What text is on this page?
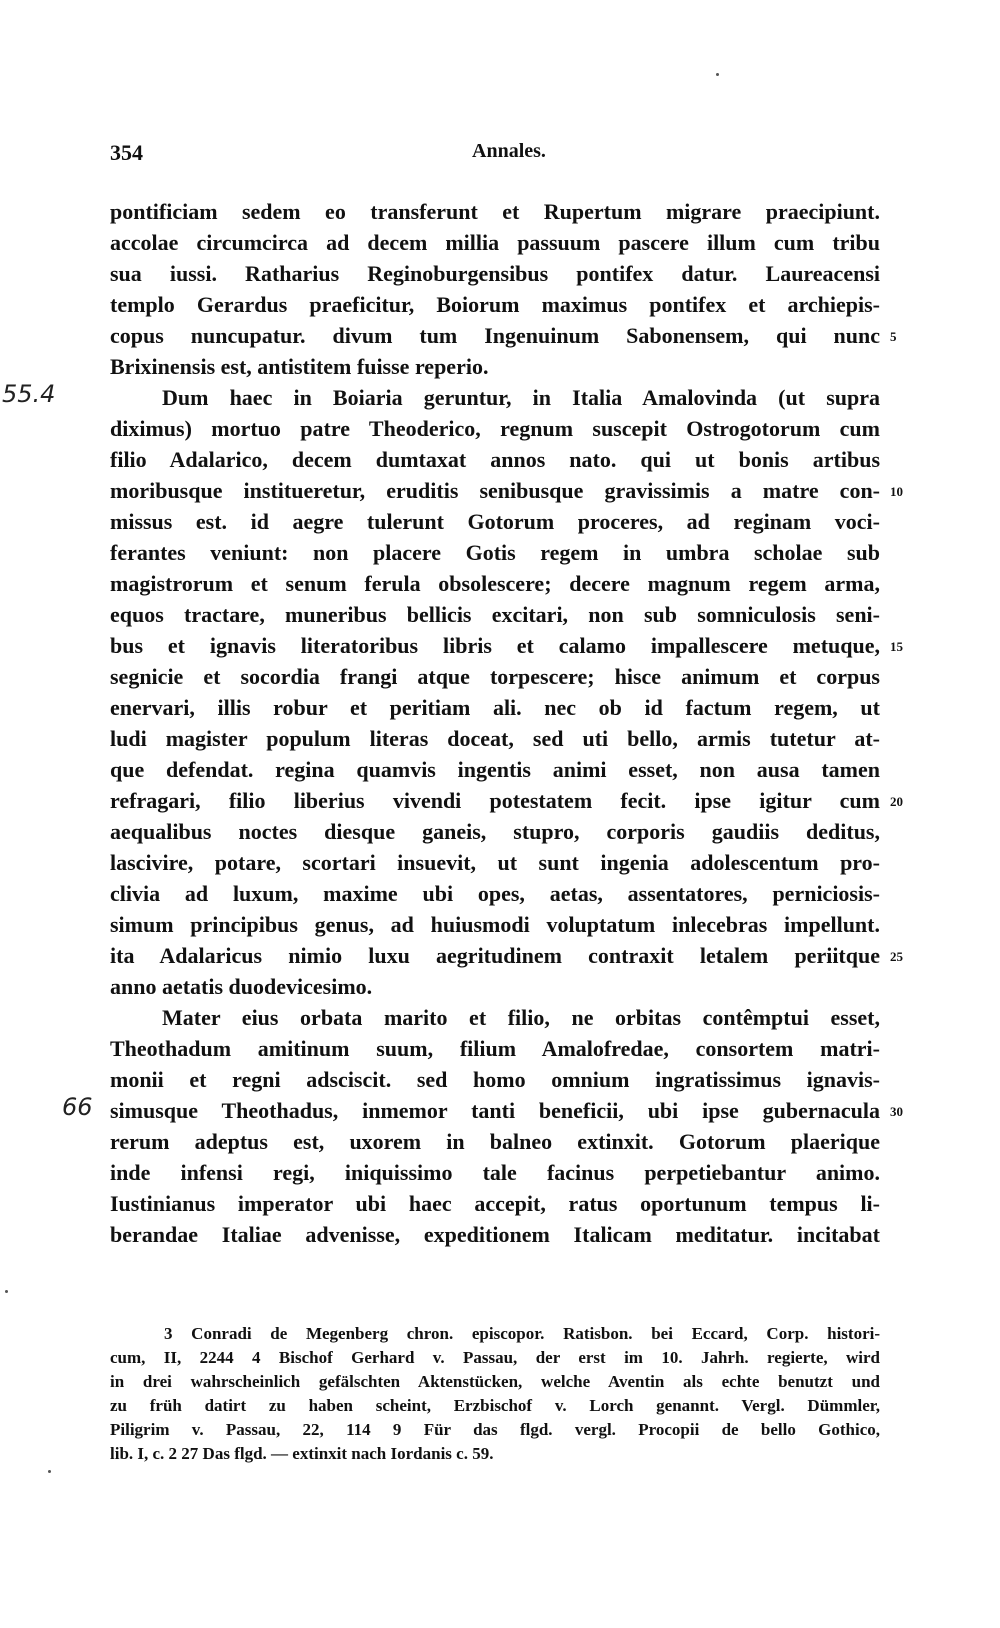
354	Annales.
pontificiam sedem eo transferunt et Rupertum migrare praecipiunt.
accolae circumcirca ad decem millia passuum pascere illum cum tribu
sua iussi. Ratharius Reginoburgensibus pontifex datur. Laureacensi
templo Gerardus praeficitur, Boiorum maximus pontifex et archiepis-
copus nuncupatur. divum tum Ingenuinum Sabonensem, qui nunc
Brixinensis est, antistitem fuisse reperio.
Dum haec in Boiaria geruntur, in Italia Amalovinda (ut supra
diximus) mortuo patre Theoderico, regnum suscepit Ostrogotorum cum
filio Adalarico, decem dumtaxat annos nato. qui ut bonis artibus
moribusque institueretur, eruditis senibusque gravissimis a matre con-
missus est. id aegre tulerunt Gotorum proceres, ad reginam voci-
ferantes veniunt: non placere Gotis regem in umbra scholae sub
magistrorum et senum ferula obsolescere; decere magnum regem arma,
equos tractare, muneribus bellicis excitari, non sub somniculosis seni-
bus et ignavis literatoribus libris et calamo impallescere metuque,
segnicie et socordia frangi atque torpescere; hisce animum et corpus
enervari, illis robur et peritiam ali. nec ob id factum regem, ut
ludi magister populum literas doceat, sed uti bello, armis tutetur at-
que defendat. regina quamvis ingentis animi esset, non ausa tamen
refragari, filio liberius vivendi potestatem fecit. ipse igitur cum
aequalibus noctes diesque ganeis, stupro, corporis gaudiis deditus,
lascivire, potare, scortari insuevit, ut sunt ingenia adolescentum pro-
clivia ad luxum, maxime ubi opes, aetas, assentatores, perniciosis-
simum principibus genus, ad huiusmodi voluptatum inlecebras impellunt.
ita Adalaricus nimio luxu aegritudinem contraxit letalem periitque
anno aetatis duodevicesimo.
Mater eius orbata marito et filio, ne orbitas contêmptui esset,
Theothadum amitinum suum, filium Amalofredae, consortem matri-
monii et regni adsciscit. sed homo omnium ingratissimus ignavis-
simusque Theothadus, inmemor tanti beneficii, ubi ipse gubernacula
rerum adeptus est, uxorem in balneo extinxit. Gotorum plaerique
inde infensi regi, iniquissimo tale facinus perpetiebantur animo.
Iustinianus imperator ubi haec accepit, ratus oportunum tempus li-
berandae Italiae advenisse, expeditionem Italicam meditatur. incitabat
5
10
15
20
25
30
55.4
66
3 Conradi de Megenberg chron. episcopor. Ratisbon. bei Eccard, Corp. histori-
cum, II, 2244 4 Bischof Gerhard v. Passau, der erst im 10. Jahrh. regierte, wird
in drei wahrscheinlich gefälschten Aktenstücken, welche Aventin als echte benutzt und
zu früh datirt zu haben scheint, Erzbischof v. Lorch genannt. Vergl. Dümmler,
Piligrim v. Passau, 22, 114 9 Für das flgd. vergl. Procopii de bello Gothico,
lib. I, c. 2 27 Das flgd. — extinxit nach Iordanis c. 59.
